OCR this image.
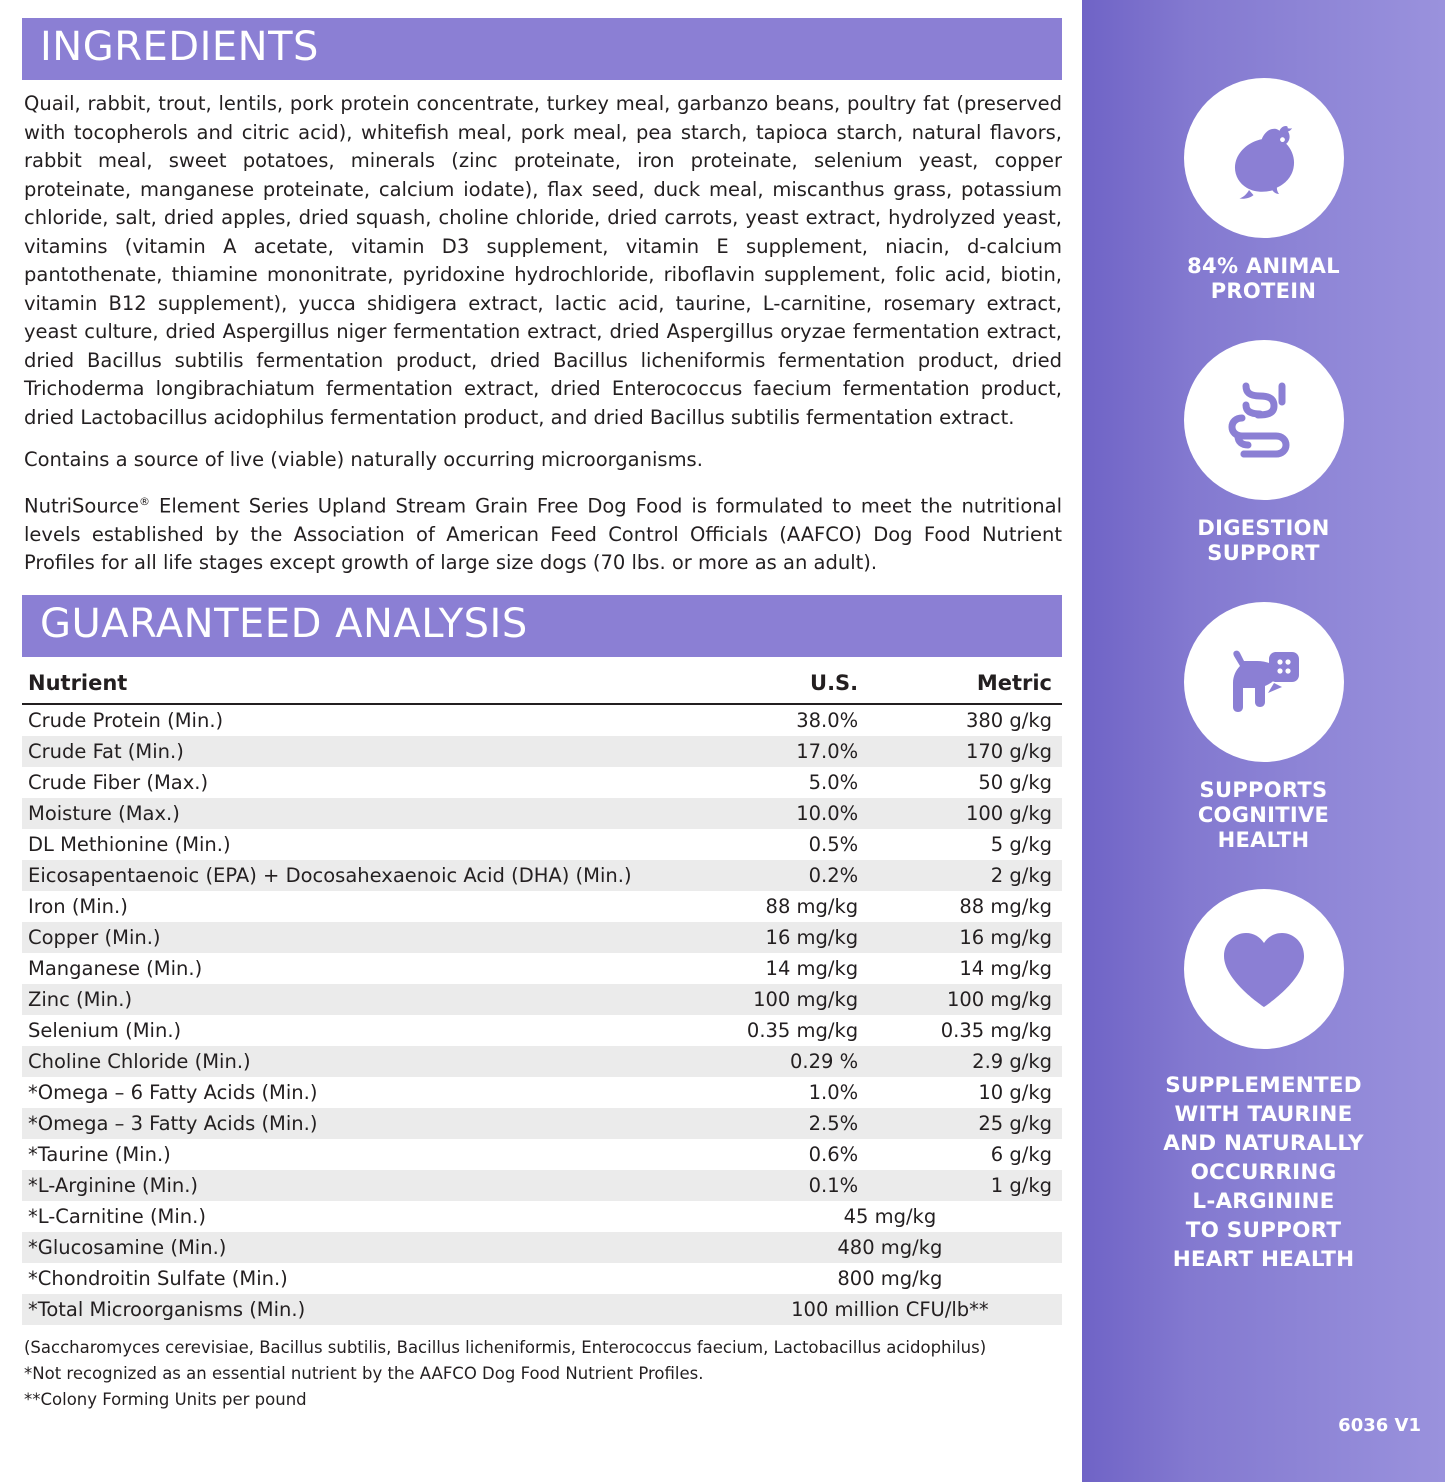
INGREDIENTS

Quail, rabbit, trout, lentils, pork protein concentrate, turkey meal, garbanzo beans, poultry fat (preserved with tocopherols and citric acid), whitefish meal, pork meal, pea starch, tapioca starch, natural flavors, rabbit meal, sweet potatoes, minerals (zinc proteinate, iron proteinate, selenium yeast, copper proteinate, manganese proteinate, calcium iodate), flax seed, duck meal, miscanthus grass, potassium chloride, salt, dried apples, dried squash, choline chloride, dried carrots, yeast extract, hydrolyzed yeast, vitamins (vitamin A acetate, vitamin D3 supplement, vitamin E supplement, niacin, d-calcium pantothenate, thiamine mononitrate, pyridoxine hydrochloride, riboflavin supplement, folic acid, biotin, vitamin B12 supplement), yucca shidigera extract, lactic acid, taurine, L-carnitine, rosemary extract, yeast culture, dried Aspergillus niger fermentation extract, dried Aspergillus oryzae fermentation extract, dried Bacillus subtilis fermentation product, dried Bacillus licheniformis fermentation product, dried Trichoderma longibrachiatum fermentation extract, dried Enterococcus faecium fermentation product, dried Lactobacillus acidophilus fermentation product, and dried Bacillus subtilis fermentation extract.

Contains a source of live (viable) naturally occurring microorganisms.

NutriSource® Element Series Upland Stream Grain Free Dog Food is formulated to meet the nutritional levels established by the Association of American Feed Control Officials (AAFCO) Dog Food Nutrient Profiles for all life stages except growth of large size dogs (70 lbs. or more as an adult).

GUARANTEED ANALYSIS
Nutrient	U.S.	Metric
Crude Protein (Min.)	38.0%	380 g/kg
Crude Fat (Min.)	17.0%	170 g/kg
Crude Fiber (Max.)	5.0%	50 g/kg
Moisture (Max.)	10.0%	100 g/kg
DL Methionine (Min.)	0.5%	5 g/kg
Eicosapentaenoic (EPA) + Docosahexaenoic Acid (DHA) (Min.)	0.2%	2 g/kg
Iron (Min.)	88 mg/kg	88 mg/kg
Copper (Min.)	16 mg/kg	16 mg/kg
Manganese (Min.)	14 mg/kg	14 mg/kg
Zinc (Min.)	100 mg/kg	100 mg/kg
Selenium (Min.)	0.35 mg/kg	0.35 mg/kg
Choline Chloride (Min.)	0.29 %	2.9 g/kg
*Omega – 6 Fatty Acids (Min.)	1.0%	10 g/kg
*Omega – 3 Fatty Acids (Min.)	2.5%	25 g/kg
*Taurine (Min.)	0.6%	6 g/kg
*L-Arginine (Min.)	0.1%	1 g/kg
*L-Carnitine (Min.)	45 mg/kg	
*Glucosamine (Min.)	480 mg/kg	
*Chondroitin Sulfate (Min.)	800 mg/kg	
*Total Microorganisms (Min.)	100 million CFU/lb**	
(Saccharomyces cerevisiae, Bacillus subtilis, Bacillus licheniformis, Enterococcus faecium, Lactobacillus acidophilus)
*Not recognized as an essential nutrient by the AAFCO Dog Food Nutrient Profiles.
**Colony Forming Units per pound
84% ANIMAL
PROTEIN
DIGESTION
SUPPORT
SUPPORTS
COGNITIVE
HEALTH
SUPPLEMENTED
WITH TAURINE
AND NATURALLY
OCCURRING
L-ARGININE
TO SUPPORT
HEART HEALTH
6036 V1
